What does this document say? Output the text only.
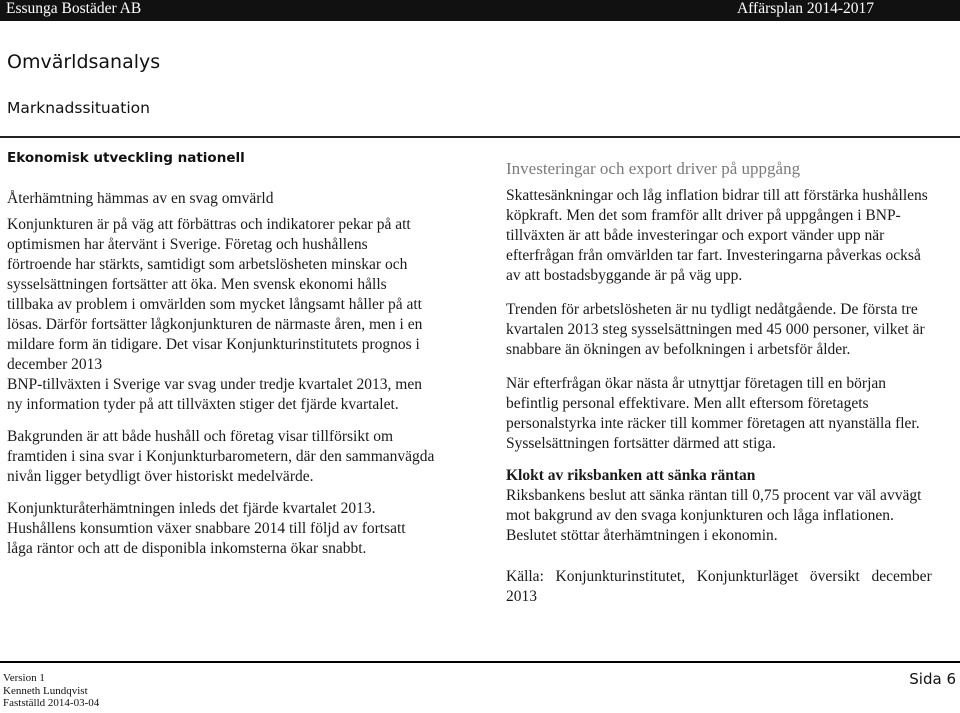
Essunga Bostäder AB	Affärsplan 2014-2017
Omvärldsanalys
Marknadssituation
Ekonomisk utveckling nationell

Återhämtning hämmas av en svag omvärld

Konjunkturen är på väg att förbättras och indikatorer pekar på att

optimismen har återvänt i Sverige. Företag och hushållens

förtroende har stärkts, samtidigt som arbetslösheten minskar och

sysselsättningen fortsätter att öka. Men svensk ekonomi hålls

tillbaka av problem i omvärlden som mycket långsamt håller på att

lösas. Därför fortsätter lågkonjunkturen de närmaste åren, men i en

mildare form än tidigare. Det visar Konjunkturinstitutets prognos i

december 2013

BNP-tillväxten i Sverige var svag under tredje kvartalet 2013, men

ny information tyder på att tillväxten stiger det fjärde kvartalet.

Bakgrunden är att både hushåll och företag visar tillförsikt om

framtiden i sina svar i Konjunkturbarometern, där den sammanvägda

nivån ligger betydligt över historiskt medelvärde.

Konjunkturåterhämtningen inleds det fjärde kvartalet 2013.

Hushållens konsumtion växer snabbare 2014 till följd av fortsatt

låga räntor och att de disponibla inkomsterna ökar snabbt.

Investeringar och export driver på uppgång

Skattesänkningar och låg inflation bidrar till att förstärka hushållens

köpkraft. Men det som framför allt driver på uppgången i BNP-

tillväxten är att både investeringar och export vänder upp när

efterfrågan från omvärlden tar fart. Investeringarna påverkas också

av att bostadsbyggande är på väg upp.

Trenden för arbetslösheten är nu tydligt nedåtgående. De första tre

kvartalen 2013 steg sysselsättningen med 45 000 personer, vilket är

snabbare än ökningen av befolkningen i arbetsför ålder.

När efterfrågan ökar nästa år utnyttjar företagen till en början

befintlig personal effektivare. Men allt eftersom företagets

personalstyrka inte räcker till kommer företagen att nyanställa fler.

Sysselsättningen fortsätter därmed att stiga.

Klokt av riksbanken att sänka räntan

Riksbankens beslut att sänka räntan till 0,75 procent var väl avvägt

mot bakgrund av den svaga konjunkturen och låga inflationen.

Beslutet stöttar återhämtningen i ekonomin.

Källa:   Konjunkturinstitutet,   Konjunkturläget   översikt   december

2013

Version 1
Kenneth Lundqvist
Fastställd 2014-03-04
Sida 6
